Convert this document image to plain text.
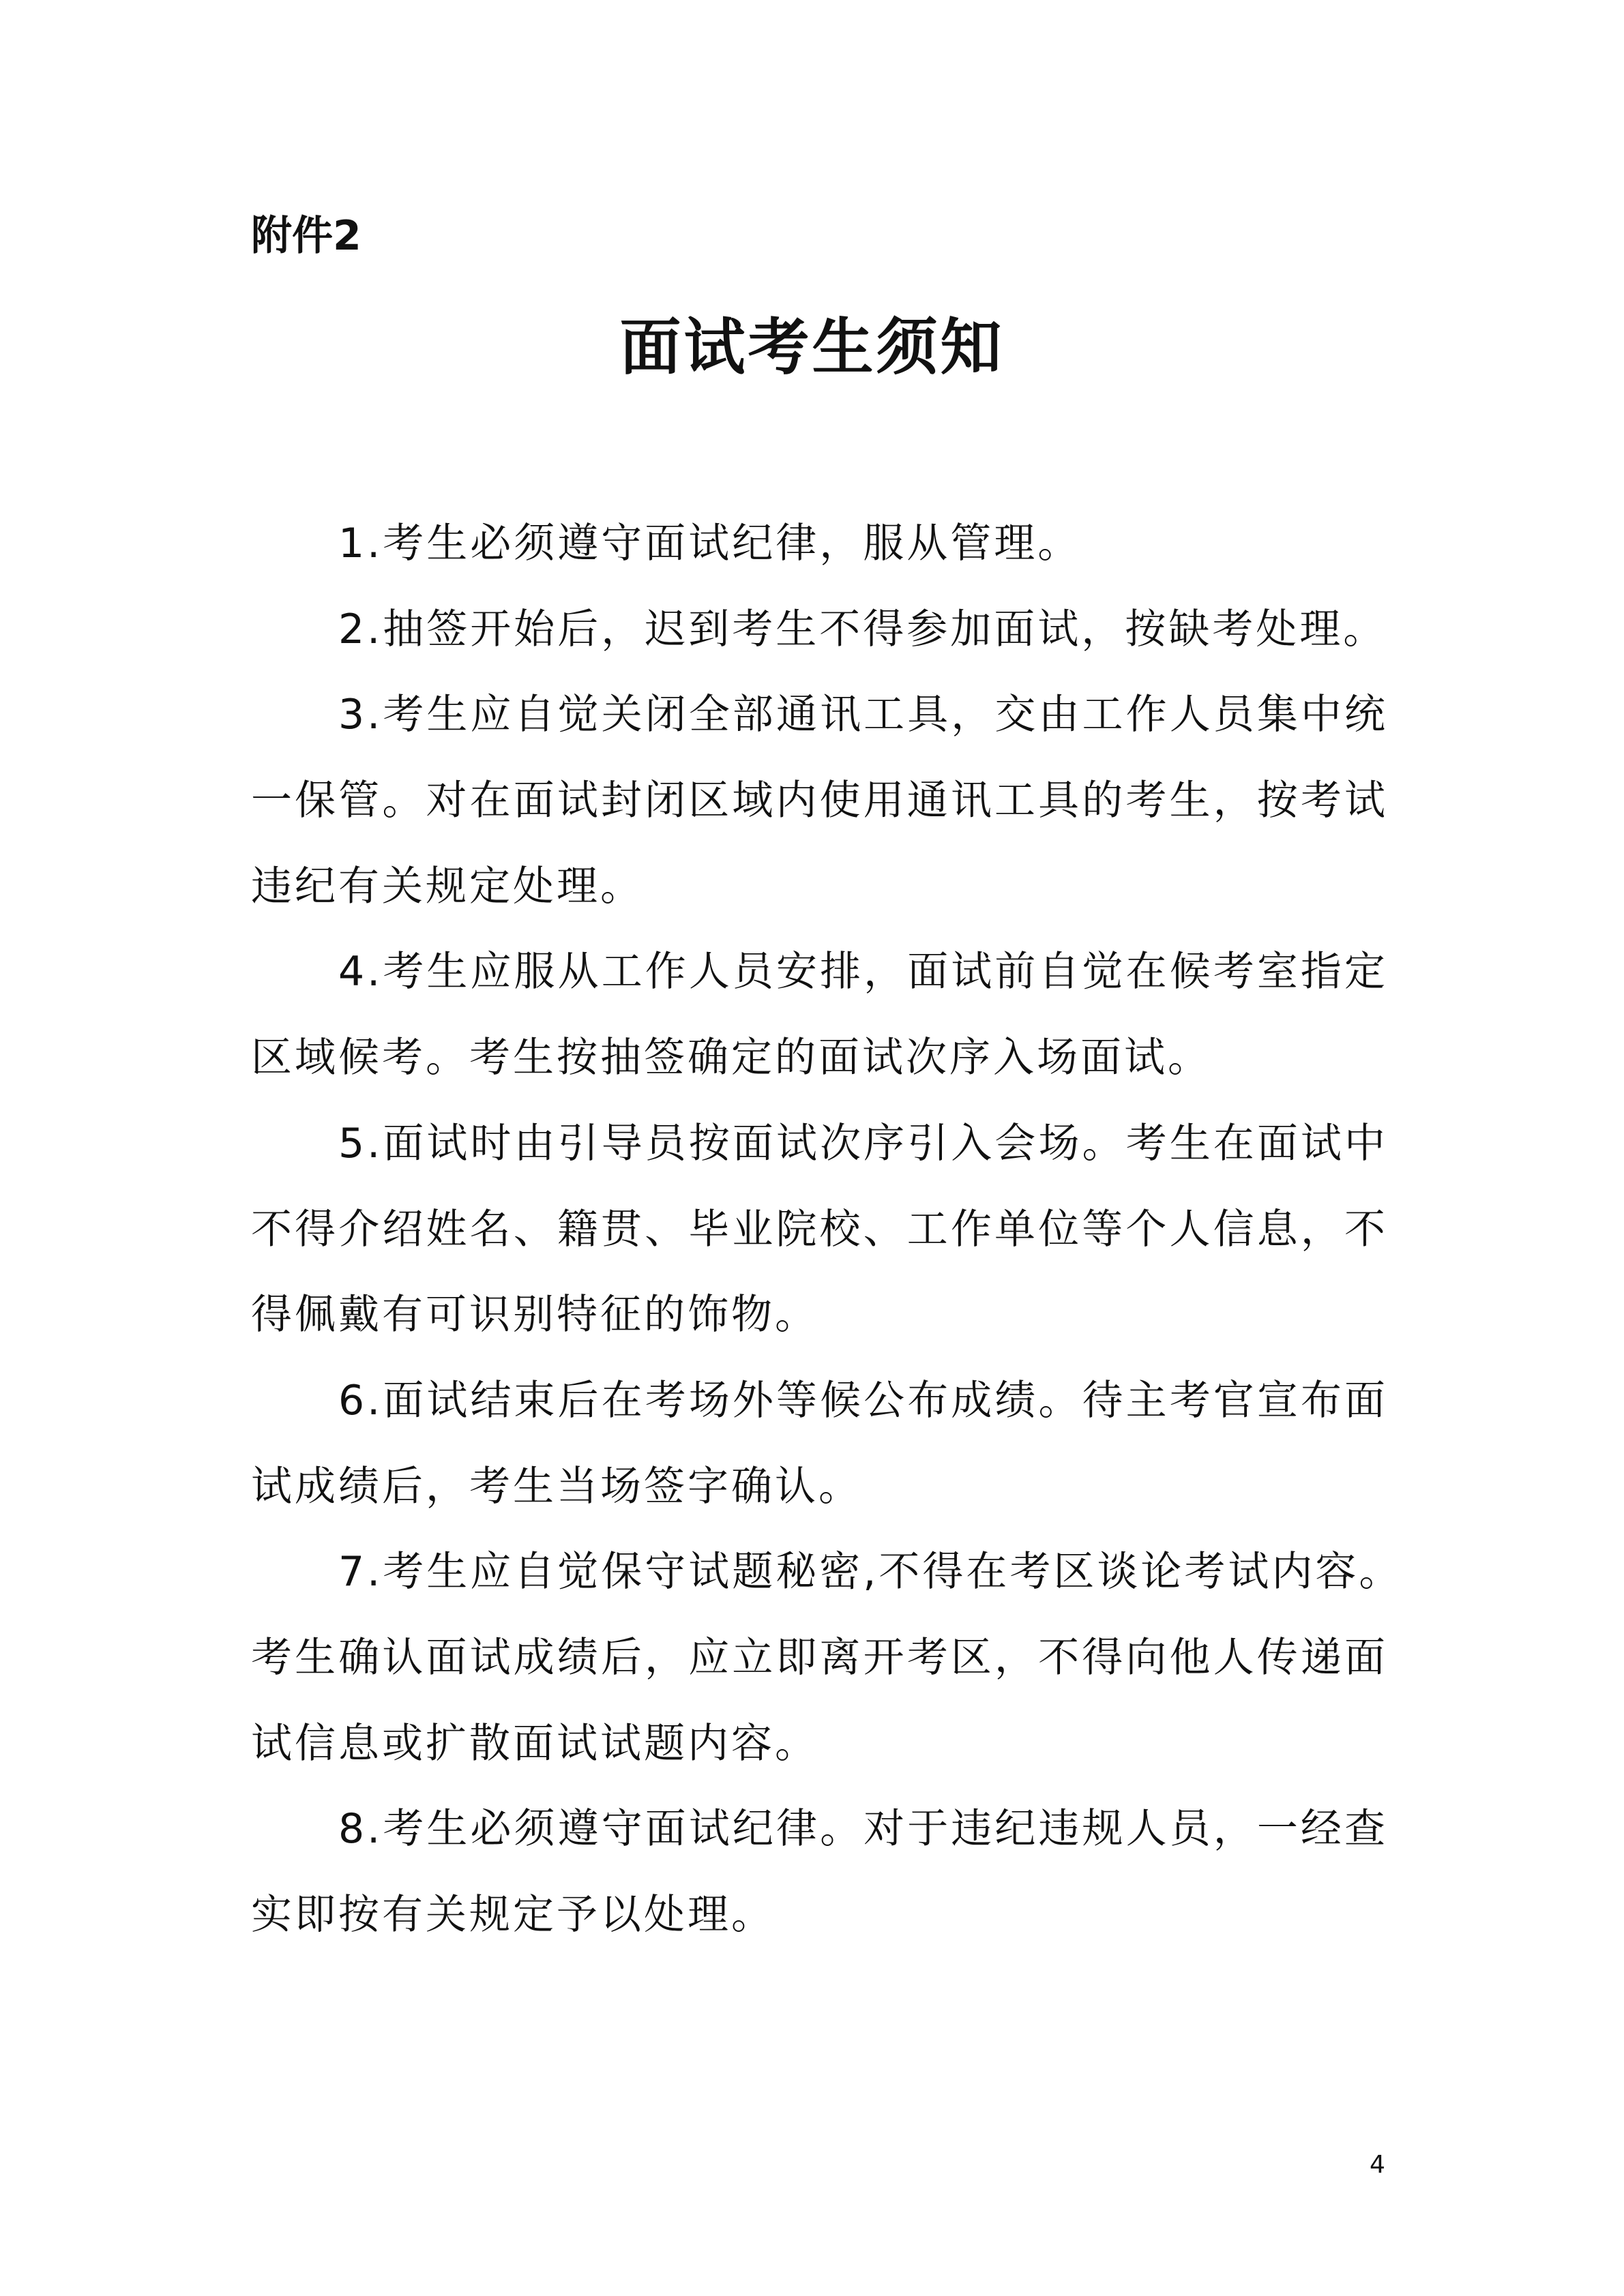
附件2
面试考生须知
1.考生必须遵守面试纪律，服从管理。
2.抽签开始后，迟到考生不得参加面试，按缺考处理。
3.考生应自觉关闭全部通讯工具，交由工作人员集中统
一保管。对在面试封闭区域内使用通讯工具的考生，按考试
违纪有关规定处理。
4.考生应服从工作人员安排，面试前自觉在候考室指定
区域候考。考生按抽签确定的面试次序入场面试。
5.面试时由引导员按面试次序引入会场。考生在面试中
不得介绍姓名、籍贯、毕业院校、工作单位等个人信息，不
得佩戴有可识别特征的饰物。
6.面试结束后在考场外等候公布成绩。待主考官宣布面
试成绩后，考生当场签字确认。
7.考生应自觉保守试题秘密,不得在考区谈论考试内容。
考生确认面试成绩后，应立即离开考区，不得向他人传递面
试信息或扩散面试试题内容。
8.考生必须遵守面试纪律。对于违纪违规人员，一经查
实即按有关规定予以处理。
4
